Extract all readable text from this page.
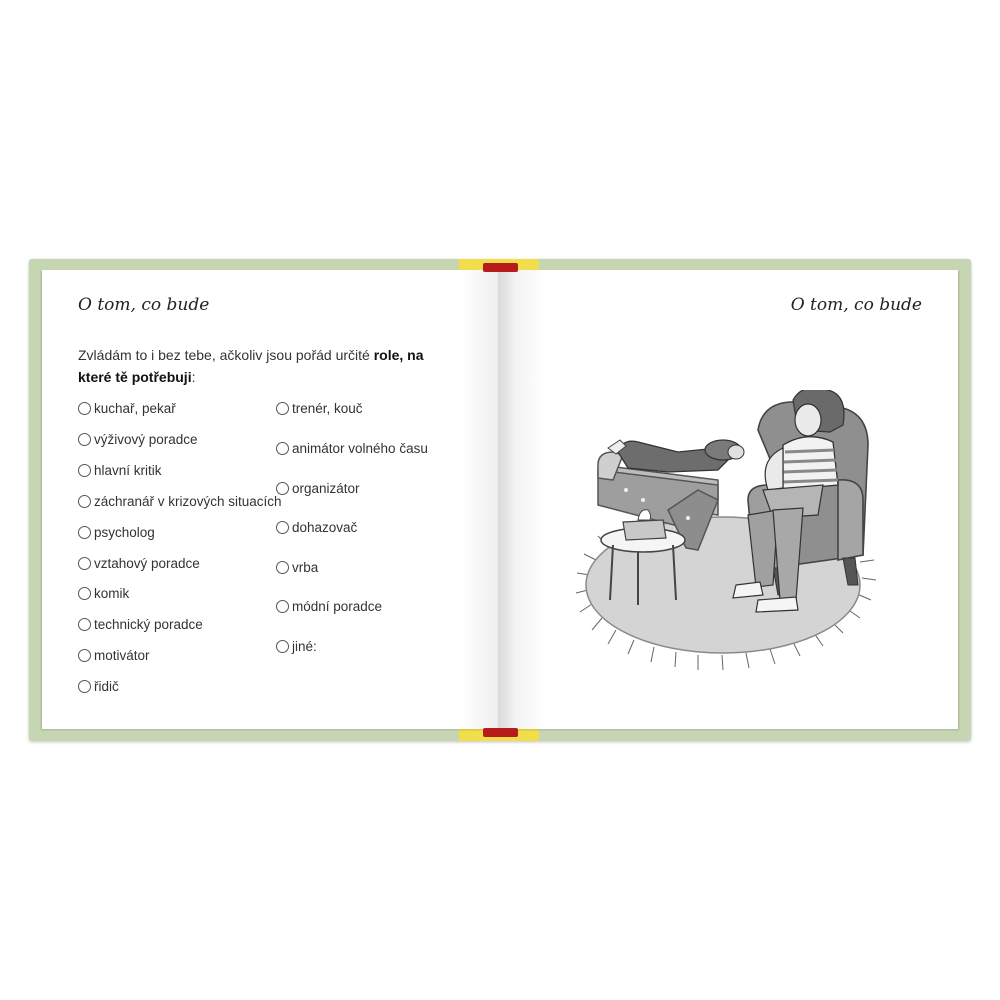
O tom, co bude
Zvládám to i bez tebe, ačkoliv jsou pořád určité role, na které tě potřebuji:
kuchař, pekař
výživový poradce
hlavní kritik
záchranář v krizových situacích
psycholog
vztahový poradce
komik
technický poradce
motivátor
řidič
trenér, kouč
animátor volného času
organizátor
dohazovač
vrba
módní poradce
jiné:
O tom, co bude
